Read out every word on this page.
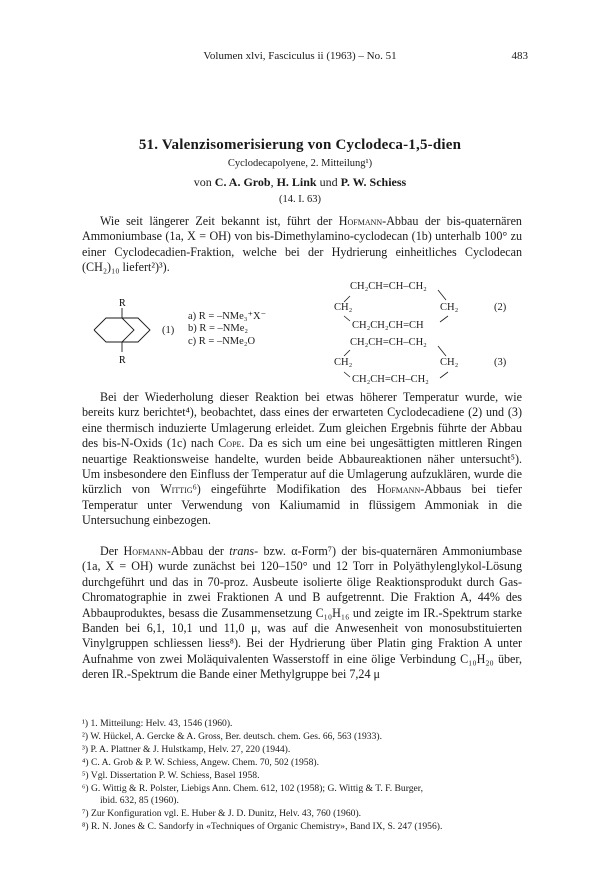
Volumen xlvi, Fasciculus ii (1963) – No. 51	483
51. Valenzisomerisierung von Cyclodeca-1,5-dien
Cyclodecapolyene, 2. Mitteilung¹)
von C. A. Grob, H. Link und P. W. Schiess
(14. I. 63)

Wie seit längerer Zeit bekannt ist, führt der Hofmann-Abbau der bis-quaternären Ammoniumbase (1a, X = OH) von bis-Dimethylamino-cyclodecan (1b) unterhalb 100° zu einer Cyclodecadien-Fraktion, welche bei der Hydrierung einheitliches Cyclodecan (CH₂)₁₀ liefert²)³).

R
R
(1)
a) R = –NMe₃⁺X⁻
b) R = –NMe₂
c) R = –NMe₂O
CH₂CH=CH–CH₂
CH₂	CH₂
CH₂CH₂CH=CH
(2)
CH₂CH=CH–CH₂
CH₂	CH₂
CH₂CH=CH–CH₂
(3)

Bei der Wiederholung dieser Reaktion bei etwas höherer Temperatur wurde, wie bereits kurz berichtet⁴), beobachtet, dass eines der erwarteten Cyclodecadiene (2) und (3) eine thermisch induzierte Umlagerung erleidet. Zum gleichen Ergebnis führte der Abbau des bis-N-Oxids (1c) nach Cope. Da es sich um eine bei ungesättigten mittleren Ringen neuartige Reaktionsweise handelte, wurden beide Abbaureaktionen näher untersucht⁵). Um insbesondere den Einfluss der Temperatur auf die Umlagerung aufzuklären, wurde die kürzlich von Wittig⁶) eingeführte Modifikation des Hofmann-Abbaus bei tiefer Temperatur unter Verwendung von Kaliumamid in flüssigem Ammoniak in die Untersuchung einbezogen.

Der Hofmann-Abbau der trans- bzw. α-Form⁷) der bis-quaternären Ammoniumbase (1a, X = OH) wurde zunächst bei 120–150° und 12 Torr in Polyäthylenglykol-Lösung durchgeführt und das in 70-proz. Ausbeute isolierte ölige Reaktionsprodukt durch Gas-Chromatographie in zwei Fraktionen A und B aufgetrennt. Die Fraktion A, 44% des Abbauproduktes, besass die Zusammensetzung C₁₀H₁₆ und zeigte im IR.-Spektrum starke Banden bei 6,1, 10,1 und 11,0 μ, was auf die Anwesenheit von monosubstituierten Vinylgruppen schliessen liess⁸). Bei der Hydrierung über Platin ging Fraktion A unter Aufnahme von zwei Moläquivalenten Wasserstoff in eine ölige Verbindung C₁₀H₂₀ über, deren IR.-Spektrum die Bande einer Methylgruppe bei 7,24 μ

¹) 1. Mitteilung: Helv. 43, 1546 (1960).
²) W. Hückel, A. Gercke & A. Gross, Ber. deutsch. chem. Ges. 66, 563 (1933).
³) P. A. Plattner & J. Hulstkamp, Helv. 27, 220 (1944).
⁴) C. A. Grob & P. W. Schiess, Angew. Chem. 70, 502 (1958).
⁵) Vgl. Dissertation P. W. Schiess, Basel 1958.
⁶) G. Wittig & R. Polster, Liebigs Ann. Chem. 612, 102 (1958); G. Wittig & T. F. Burger,
ibid. 632, 85 (1960).
⁷) Zur Konfiguration vgl. E. Huber & J. D. Dunitz, Helv. 43, 760 (1960).
⁸) R. N. Jones & C. Sandorfy in «Techniques of Organic Chemistry», Band IX, S. 247 (1956).
